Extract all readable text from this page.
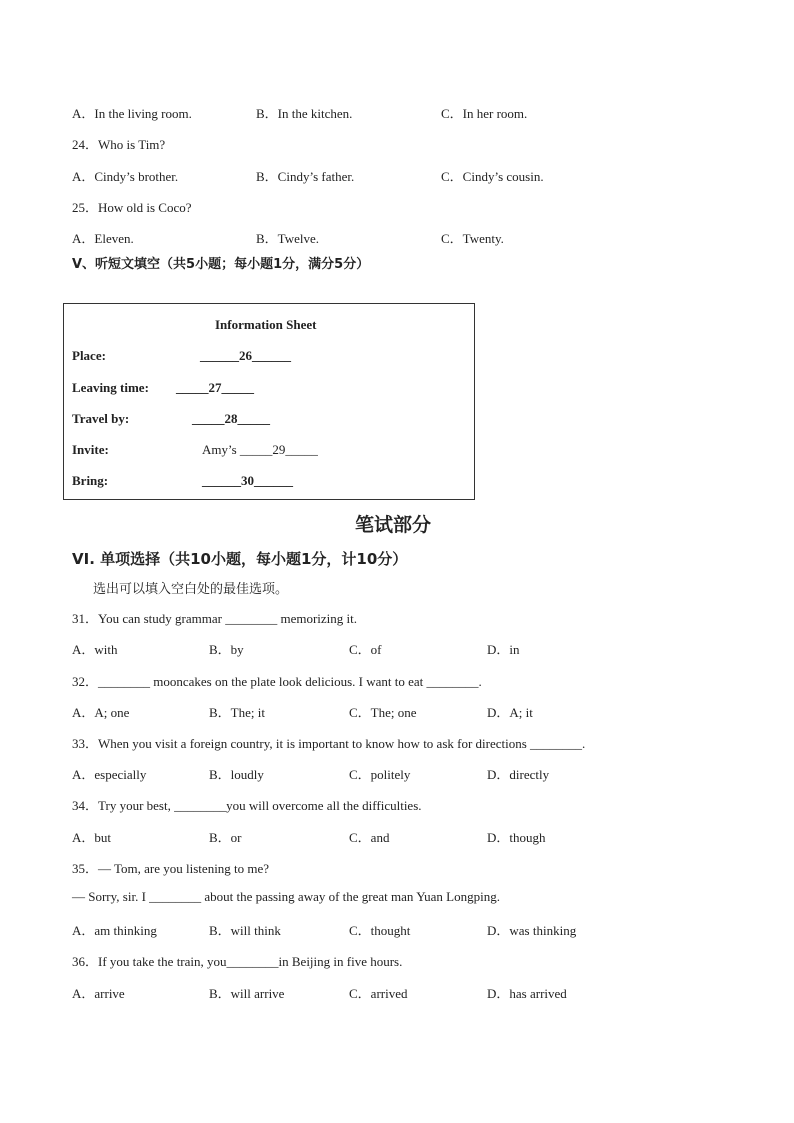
A．In the living room.	B．In the kitchen.	C．In her room.
24．Who is Tim?
A．Cindy’s brother.	B．Cindy’s father.	C．Cindy’s cousin.
25．How old is Coco?
A．Eleven.	B．Twelve.	C．Twenty.
V、听短文填空（共5小题；每小题1分，满分5分）
Information Sheet
Place:	______26______
Leaving time: _____27_____
Travel by:	_____28_____
Invite:	Amy’s _____29_____
Bring:	______30______
笔试部分
VI. 单项选择（共10小题，每小题1分，计10分）
选出可以填入空白处的最佳选项。
31．You can study grammar ________ memorizing it.
A．with	B．by	C．of	D．in
32．________ mooncakes on the plate look delicious. I want to eat ________.
A．A; one	B．The; it	C．The; one	D．A; it
33．When you visit a foreign country, it is important to know how to ask for directions ________.
A．especially	B．loudly	C．politely	D．directly
34．Try your best, ________you will overcome all the difficulties.
A．but	B．or	C．and	D．though
35．— Tom, are you listening to me?
— Sorry, sir. I ________ about the passing away of the great man Yuan Longping.
A．am thinking	B．will think	C．thought	D．was thinking
36．If you take the train, you________in Beijing in five hours.
A．arrive	B．will arrive	C．arrived	D．has arrived
